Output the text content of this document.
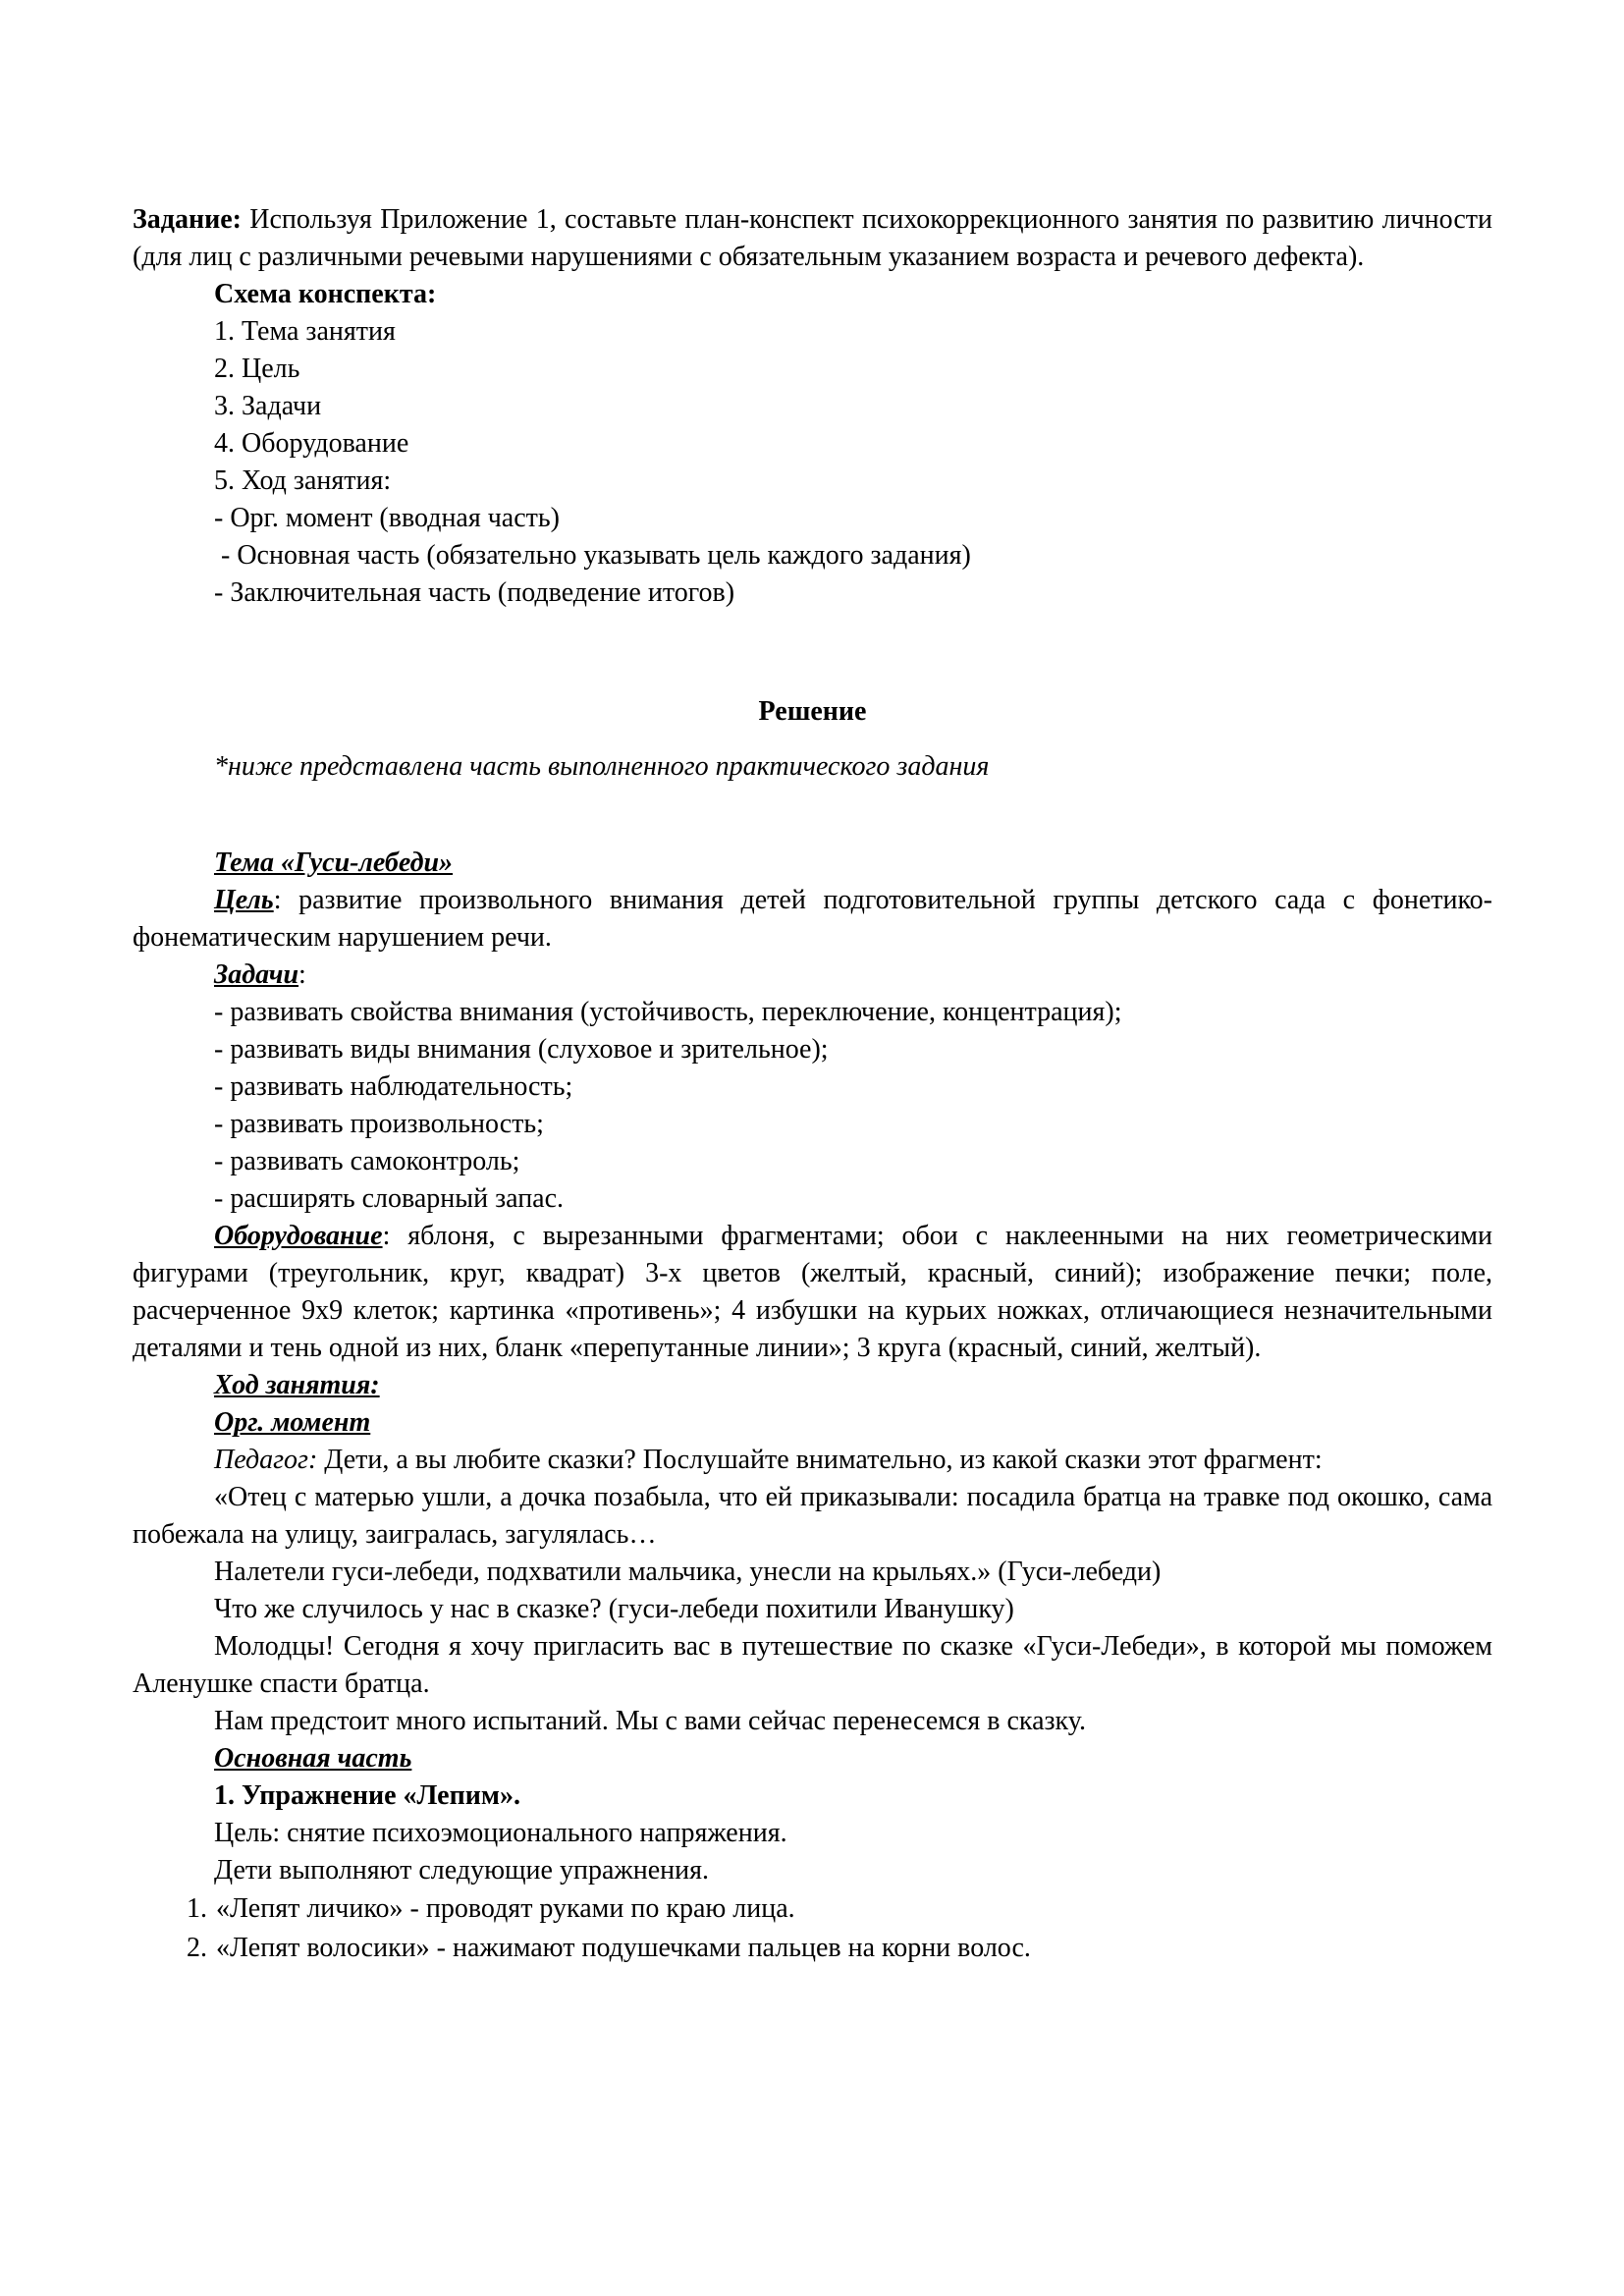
Задание: Используя Приложение 1, составьте план-конспект психокоррекционного занятия по развитию личности (для лиц с различными речевыми нарушениями с обязательным указанием возраста и речевого дефекта).

Схема конспекта:
1. Тема занятия
2. Цель
3. Задачи
4. Оборудование
5. Ход занятия:
- Орг. момент (вводная часть)
- Основная часть (обязательно указывать цель каждого задания)
- Заключительная часть (подведение итогов)
Решение
*ниже представлена часть выполненного практического задания
Тема «Гуси-лебеди»

Цель: развитие произвольного внимания детей подготовительной группы детского сада с фонетико-фонематическим нарушением речи.

Задачи:
- развивать свойства внимания (устойчивость, переключение, концентрация);
- развивать виды внимания (слуховое и зрительное);
- развивать наблюдательность;
- развивать произвольность;
- развивать самоконтроль;
- расширять словарный запас.

Оборудование: яблоня, с вырезанными фрагментами; обои с наклеенными на них геометрическими фигурами (треугольник, круг, квадрат) 3-х цветов (желтый, красный, синий); изображение печки; поле, расчерченное 9х9 клеток; картинка «противень»; 4 избушки на курьих ножках, отличающиеся незначительными деталями и тень одной из них, бланк «перепутанные линии»; 3 круга (красный, синий, желтый).

Ход занятия:
Орг. момент

Педагог: Дети, а вы любите сказки? Послушайте внимательно, из какой сказки этот фрагмент:

«Отец с матерью ушли, а дочка позабыла, что ей приказывали: посадила братца на травке под окошко, сама побежала на улицу, заигралась, загулялась…

Налетели гуси-лебеди, подхватили мальчика, унесли на крыльях.» (Гуси-лебеди)
Что же случилось у нас в сказке? (гуси-лебеди похитили Иванушку)

Молодцы! Сегодня я хочу пригласить вас в путешествие по сказке «Гуси-Лебеди», в которой мы поможем Аленушке спасти братца.

Нам предстоит много испытаний. Мы с вами сейчас перенесемся в сказку.
Основная часть
1. Упражнение «Лепим».
Цель: снятие психоэмоционального напряжения.
Дети выполняют следующие упражнения.
1. «Лепят личико» - проводят руками по краю лица.
2. «Лепят волосики» - нажимают подушечками пальцев на корни волос.
